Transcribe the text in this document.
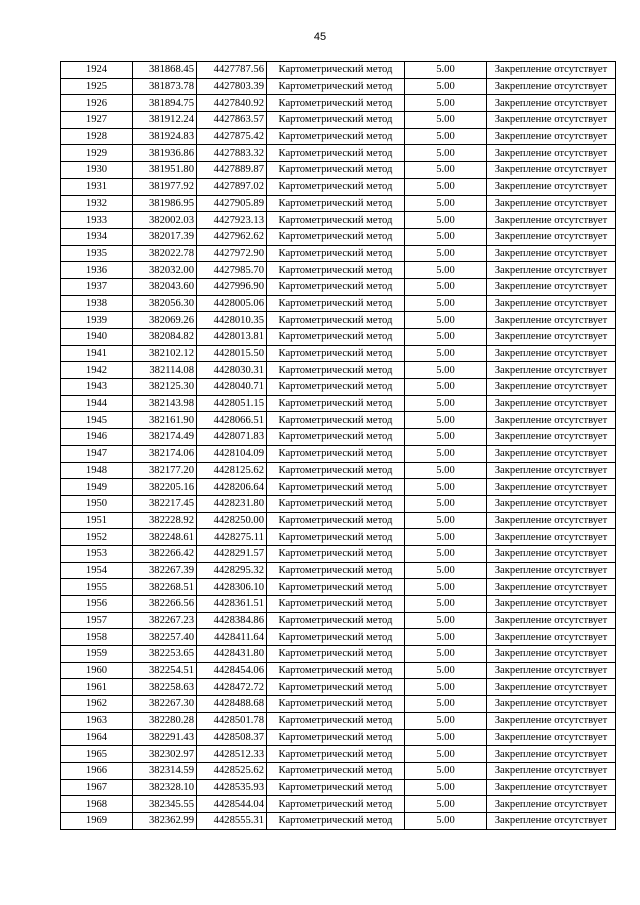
45
1924	381868.45	4427787.56	Картометрический метод	5.00	Закрепление отсутствует
1925	381873.78	4427803.39	Картометрический метод	5.00	Закрепление отсутствует
1926	381894.75	4427840.92	Картометрический метод	5.00	Закрепление отсутствует
1927	381912.24	4427863.57	Картометрический метод	5.00	Закрепление отсутствует
1928	381924.83	4427875.42	Картометрический метод	5.00	Закрепление отсутствует
1929	381936.86	4427883.32	Картометрический метод	5.00	Закрепление отсутствует
1930	381951.80	4427889.87	Картометрический метод	5.00	Закрепление отсутствует
1931	381977.92	4427897.02	Картометрический метод	5.00	Закрепление отсутствует
1932	381986.95	4427905.89	Картометрический метод	5.00	Закрепление отсутствует
1933	382002.03	4427923.13	Картометрический метод	5.00	Закрепление отсутствует
1934	382017.39	4427962.62	Картометрический метод	5.00	Закрепление отсутствует
1935	382022.78	4427972.90	Картометрический метод	5.00	Закрепление отсутствует
1936	382032.00	4427985.70	Картометрический метод	5.00	Закрепление отсутствует
1937	382043.60	4427996.90	Картометрический метод	5.00	Закрепление отсутствует
1938	382056.30	4428005.06	Картометрический метод	5.00	Закрепление отсутствует
1939	382069.26	4428010.35	Картометрический метод	5.00	Закрепление отсутствует
1940	382084.82	4428013.81	Картометрический метод	5.00	Закрепление отсутствует
1941	382102.12	4428015.50	Картометрический метод	5.00	Закрепление отсутствует
1942	382114.08	4428030.31	Картометрический метод	5.00	Закрепление отсутствует
1943	382125.30	4428040.71	Картометрический метод	5.00	Закрепление отсутствует
1944	382143.98	4428051.15	Картометрический метод	5.00	Закрепление отсутствует
1945	382161.90	4428066.51	Картометрический метод	5.00	Закрепление отсутствует
1946	382174.49	4428071.83	Картометрический метод	5.00	Закрепление отсутствует
1947	382174.06	4428104.09	Картометрический метод	5.00	Закрепление отсутствует
1948	382177.20	4428125.62	Картометрический метод	5.00	Закрепление отсутствует
1949	382205.16	4428206.64	Картометрический метод	5.00	Закрепление отсутствует
1950	382217.45	4428231.80	Картометрический метод	5.00	Закрепление отсутствует
1951	382228.92	4428250.00	Картометрический метод	5.00	Закрепление отсутствует
1952	382248.61	4428275.11	Картометрический метод	5.00	Закрепление отсутствует
1953	382266.42	4428291.57	Картометрический метод	5.00	Закрепление отсутствует
1954	382267.39	4428295.32	Картометрический метод	5.00	Закрепление отсутствует
1955	382268.51	4428306.10	Картометрический метод	5.00	Закрепление отсутствует
1956	382266.56	4428361.51	Картометрический метод	5.00	Закрепление отсутствует
1957	382267.23	4428384.86	Картометрический метод	5.00	Закрепление отсутствует
1958	382257.40	4428411.64	Картометрический метод	5.00	Закрепление отсутствует
1959	382253.65	4428431.80	Картометрический метод	5.00	Закрепление отсутствует
1960	382254.51	4428454.06	Картометрический метод	5.00	Закрепление отсутствует
1961	382258.63	4428472.72	Картометрический метод	5.00	Закрепление отсутствует
1962	382267.30	4428488.68	Картометрический метод	5.00	Закрепление отсутствует
1963	382280.28	4428501.78	Картометрический метод	5.00	Закрепление отсутствует
1964	382291.43	4428508.37	Картометрический метод	5.00	Закрепление отсутствует
1965	382302.97	4428512.33	Картометрический метод	5.00	Закрепление отсутствует
1966	382314.59	4428525.62	Картометрический метод	5.00	Закрепление отсутствует
1967	382328.10	4428535.93	Картометрический метод	5.00	Закрепление отсутствует
1968	382345.55	4428544.04	Картометрический метод	5.00	Закрепление отсутствует
1969	382362.99	4428555.31	Картометрический метод	5.00	Закрепление отсутствует
